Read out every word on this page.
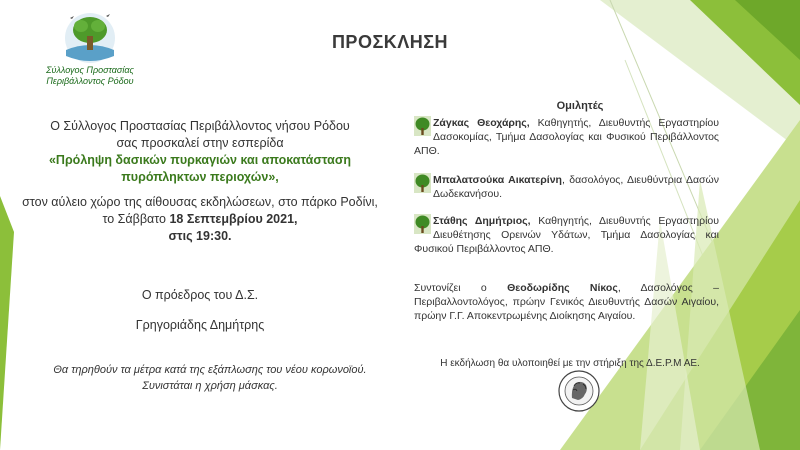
Σύλλογος Προστασίας
Περιβάλλοντος Ρόδου
ΠΡΟΣΚΛΗΣΗ
Ο Σύλλογος Προστασίας Περιβάλλοντος νήσου Ρόδου
σας προσκαλεί στην εσπερίδα
«Πρόληψη δασικών πυρκαγιών και αποκατάσταση πυρόπληκτων περιοχών»,
στον αύλειο χώρο της αίθουσας εκδηλώσεων, στο πάρκο Ροδίνι, το Σάββατο 18 Σεπτεμβρίου 2021,
στις 19:30.
Ο πρόεδρος του Δ.Σ.
Γρηγοριάδης Δημήτρης
Θα τηρηθούν τα μέτρα κατά της εξάπλωσης του νέου κορωνοϊού. Συνιστάται η χρήση μάσκας.
Ομιλητές
Ζάγκας Θεοχάρης, Καθηγητής, Διευθυντής Εργαστηρίου Δασοκομίας, Τμήμα Δασολογίας και Φυσικού Περιβάλλοντος ΑΠΘ.
Μπαλατσούκα Αικατερίνη, δασολόγος, Διευθύντρια Δασών Δωδεκανήσου.
Στάθης Δημήτριος, Καθηγητής, Διευθυντής Εργαστηρίου Διευθέτησης Ορεινών Υδάτων, Τμήμα Δασολογίας και Φυσικού Περιβάλλοντος ΑΠΘ.
Συντονίζει ο Θεοδωρίδης Νίκος, Δασολόγος – Περιβαλλοντολόγος, πρώην Γενικός Διευθυντής Δασών Αιγαίου, πρώην Γ.Γ. Αποκεντρωμένης Διοίκησης Αιγαίου.
Η εκδήλωση θα υλοποιηθεί με την στήριξη της Δ.Ε.Ρ.Μ ΑΕ.
